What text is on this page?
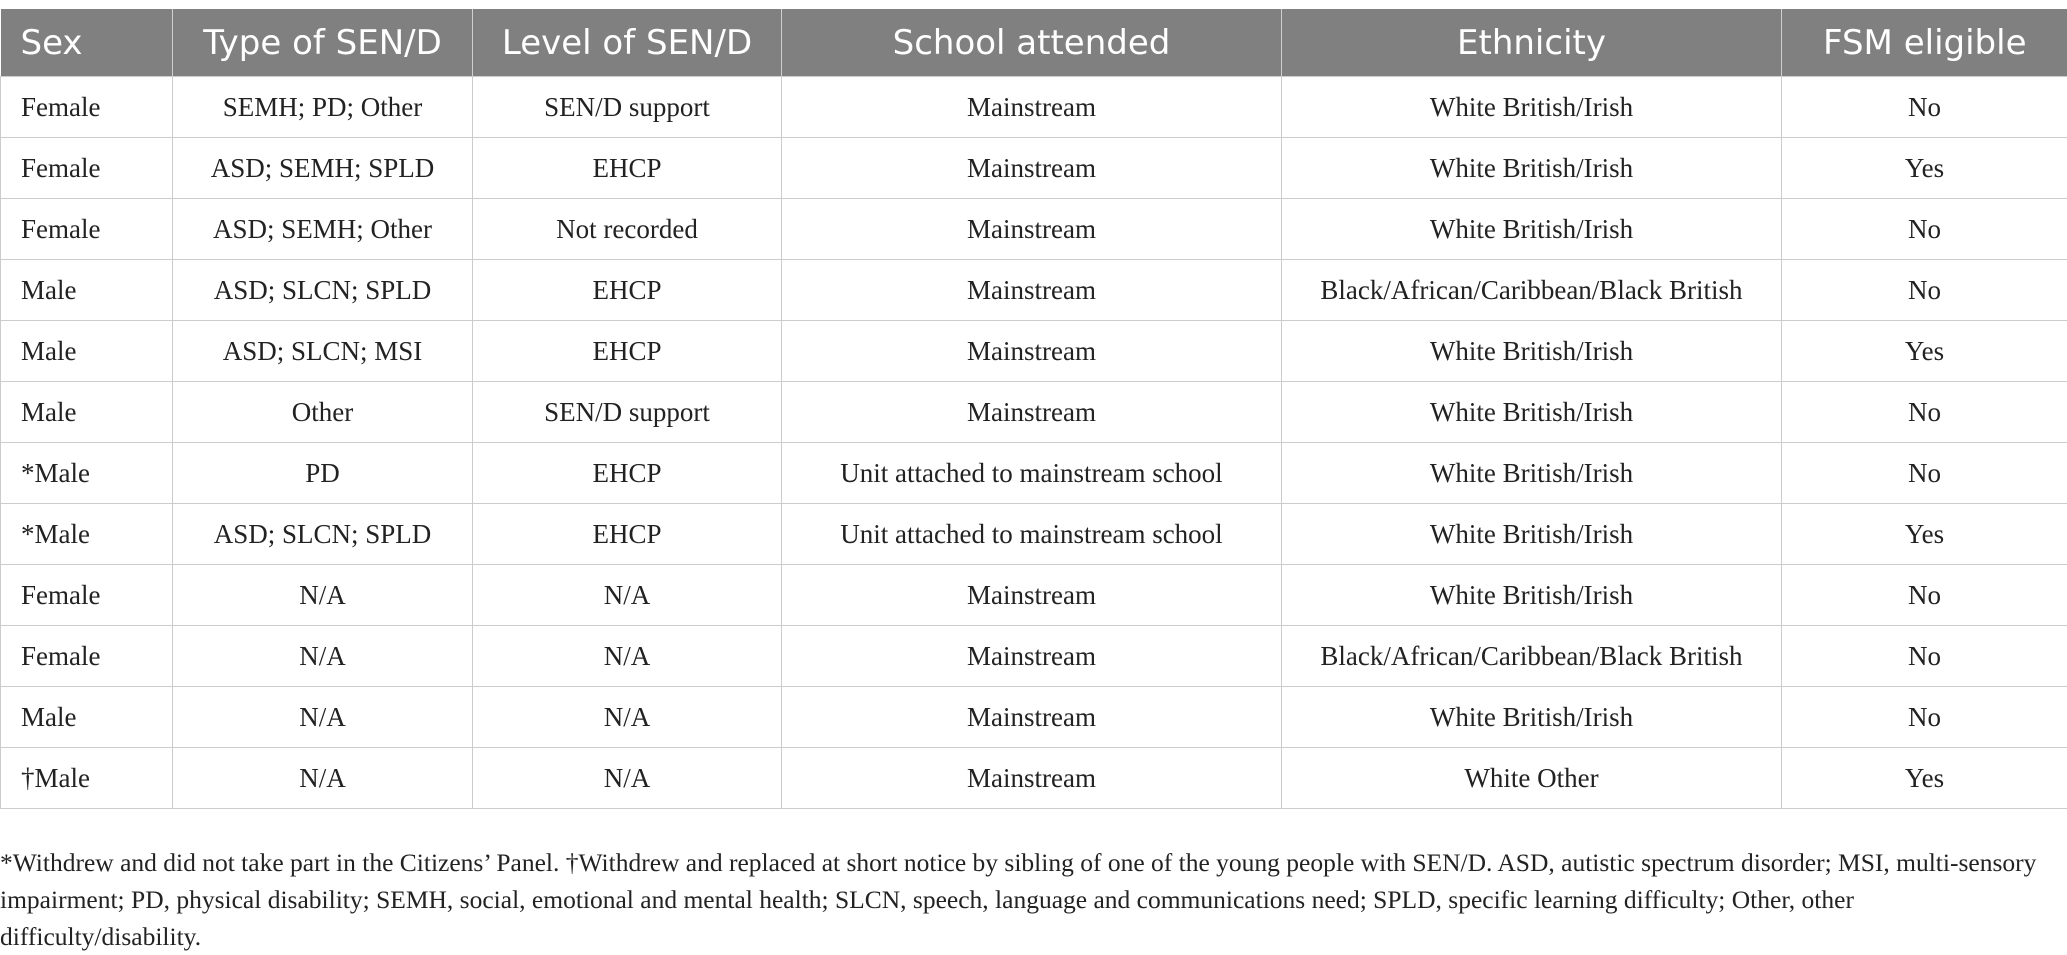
Sex	Type of SEN/D	Level of SEN/D	School attended	Ethnicity	FSM eligible
Female	SEMH; PD; Other	SEN/D support	Mainstream	White British/Irish	No
Female	ASD; SEMH; SPLD	EHCP	Mainstream	White British/Irish	Yes
Female	ASD; SEMH; Other	Not recorded	Mainstream	White British/Irish	No
Male	ASD; SLCN; SPLD	EHCP	Mainstream	Black/African/Caribbean/Black British	No
Male	ASD; SLCN; MSI	EHCP	Mainstream	White British/Irish	Yes
Male	Other	SEN/D support	Mainstream	White British/Irish	No
*Male	PD	EHCP	Unit attached to mainstream school	White British/Irish	No
*Male	ASD; SLCN; SPLD	EHCP	Unit attached to mainstream school	White British/Irish	Yes
Female	N/A	N/A	Mainstream	White British/Irish	No
Female	N/A	N/A	Mainstream	Black/African/Caribbean/Black British	No
Male	N/A	N/A	Mainstream	White British/Irish	No
†Male	N/A	N/A	Mainstream	White Other	Yes

*Withdrew and did not take part in the Citizens’ Panel. †Withdrew and replaced at short notice by sibling of one of the young people with SEN/D. ASD, autistic spectrum disorder; MSI, multi-sensory impairment; PD, physical disability; SEMH, social, emotional and mental health; SLCN, speech, language and communications need; SPLD, specific learning difficulty; Other, other difficulty/disability.
